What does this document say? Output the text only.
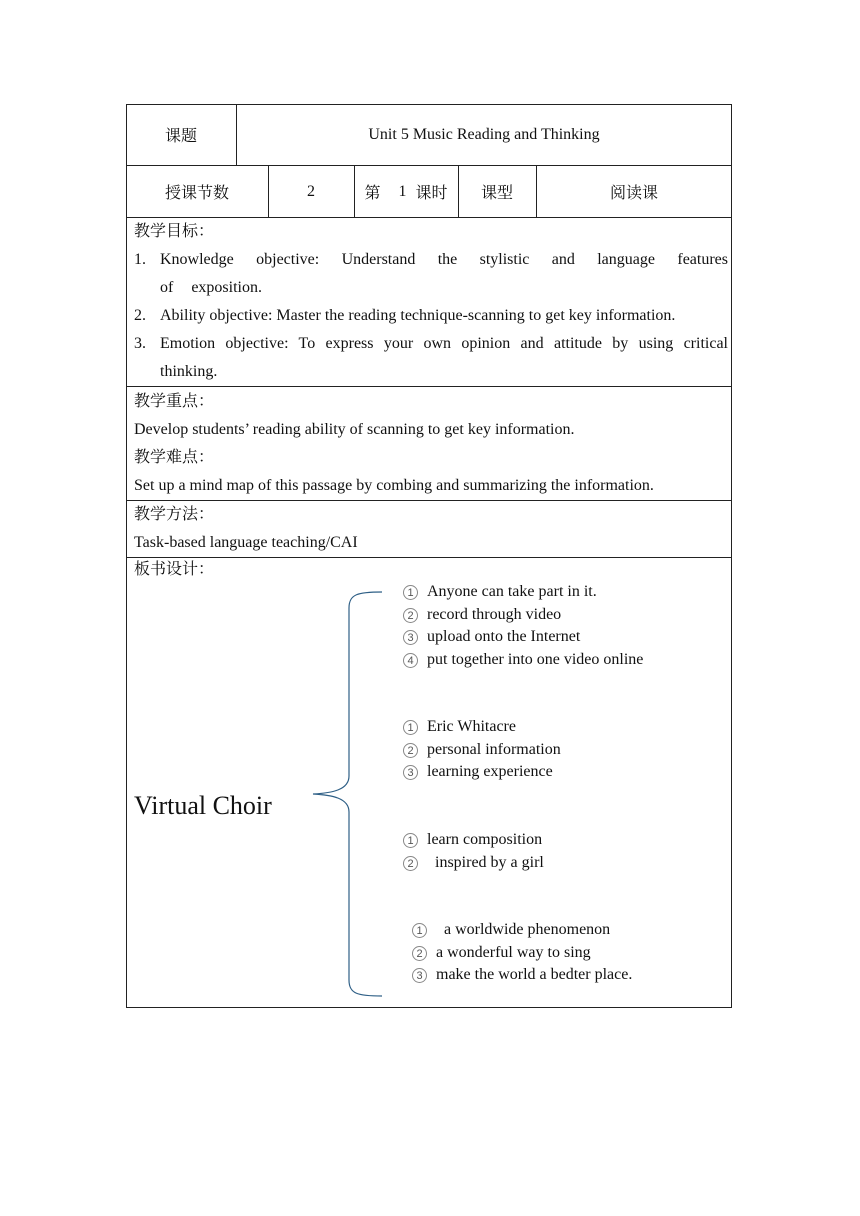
课题	Unit 5 Music Reading and Thinking
授课节数	2	第 1 课时	课型	阅读课
教学目标：
1. Knowledge objective: Understand the stylistic and language features of exposition.
2. Ability objective: Master the reading technique-scanning to get key information.
3. Emotion objective: To express your own opinion and attitude by using critical thinking.
教学重点：
Develop students’ reading ability of scanning to get key information.
教学难点：
Set up a mind map of this passage by combing and summarizing the information.
教学方法：
Task-based language teaching/CAI
板书设计：
Virtual Choir
1 Anyone can take part in it.
2 record through video
3 upload onto the Internet
4 put together into one video online
1 Eric Whitacre
2 personal information
3 learning experience
1 learn composition
2  inspired by a girl
1  a worldwide phenomenon
2 a wonderful way to sing
3 make the world a bedter place.
